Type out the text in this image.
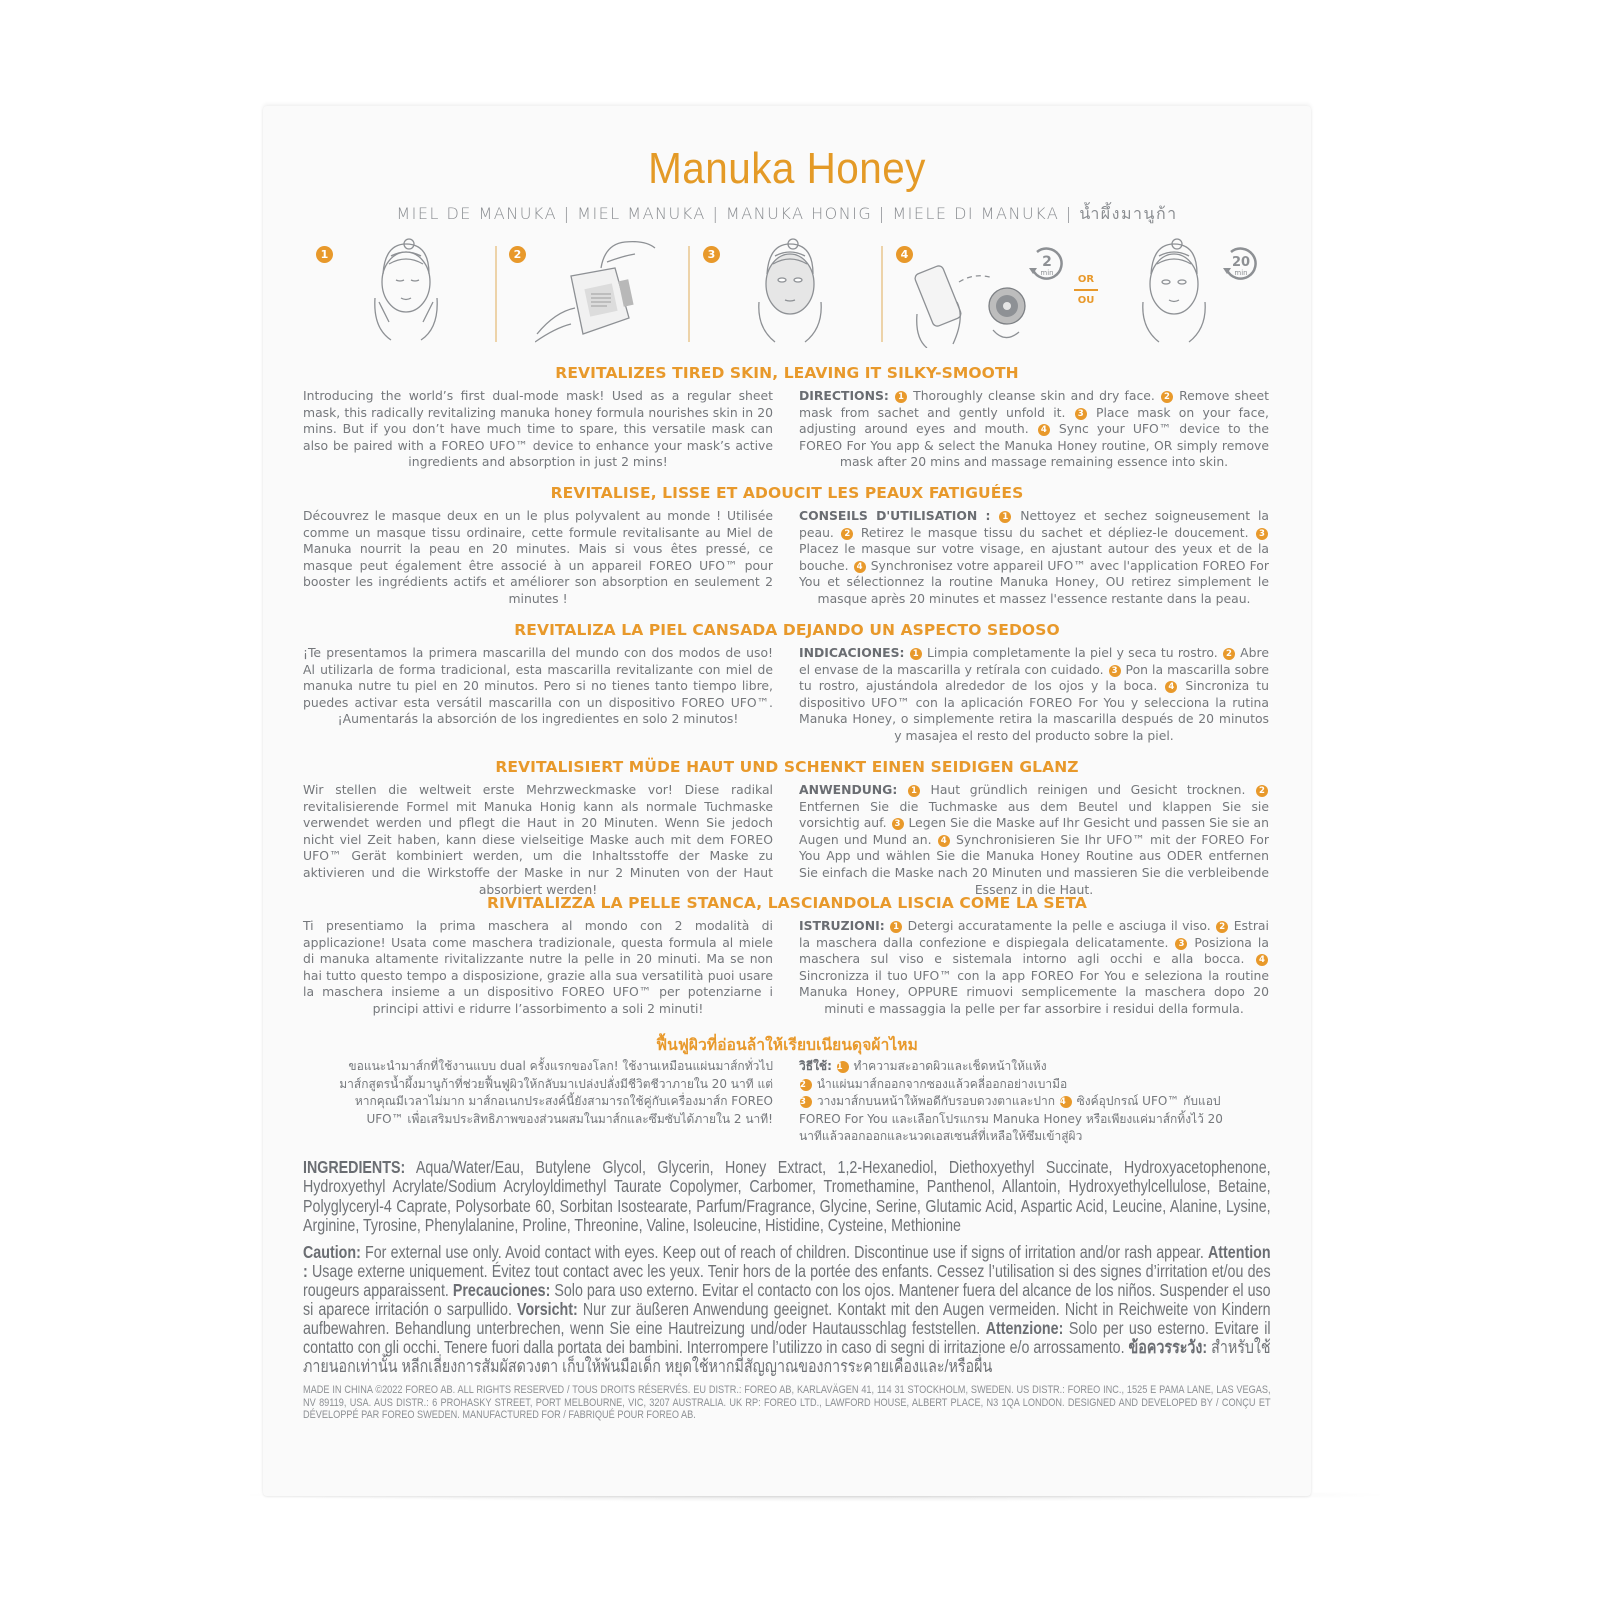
Manuka Honey
MIEL DE MANUKA | MIEL MANUKA | MANUKA HONIG | MIELE DI MANUKA | น้ำผึ้งมานูก้า
1	2	3	4	2
min
OR
OU
20
min
REVITALIZES TIRED SKIN, LEAVING IT SILKY-SMOOTH
Introducing the world’s first dual-mode mask! Used as a regular sheet mask, this radically revitalizing manuka honey formula nourishes skin in 20 mins. But if you don’t have much time to spare, this versatile mask can also be paired with a FOREO UFO™ device to enhance your mask’s active ingredients and absorption in just 2 mins!
DIRECTIONS: 1 Thoroughly cleanse skin and dry face. 2 Remove sheet mask from sachet and gently unfold it. 3 Place mask on your face, adjusting around eyes and mouth. 4 Sync your UFO™ device to the FOREO For You app & select the Manuka Honey routine, OR simply remove mask after 20 mins and massage remaining essence into skin.
REVITALISE, LISSE ET ADOUCIT LES PEAUX FATIGUÉES
Découvrez le masque deux en un le plus polyvalent au monde ! Utilisée comme un masque tissu ordinaire, cette formule revitalisante au Miel de Manuka nourrit la peau en 20 minutes. Mais si vous êtes pressé, ce masque peut également être associé à un appareil FOREO UFO™ pour booster les ingrédients actifs et améliorer son absorption en seulement 2 minutes !
CONSEILS D'UTILISATION : 1 Nettoyez et sechez soigneusement la peau. 2 Retirez le masque tissu du sachet et dépliez-le doucement. 3 Placez le masque sur votre visage, en ajustant autour des yeux et de la bouche. 4 Synchronisez votre appareil UFO™ avec l'application FOREO For You et sélectionnez la routine Manuka Honey, OU retirez simplement le masque après 20 minutes et massez l'essence restante dans la peau.
REVITALIZA LA PIEL CANSADA DEJANDO UN ASPECTO SEDOSO
¡Te presentamos la primera mascarilla del mundo con dos modos de uso! Al utilizarla de forma tradicional, esta mascarilla revitalizante con miel de manuka nutre tu piel en 20 minutos. Pero si no tienes tanto tiempo libre, puedes activar esta versátil mascarilla con un dispositivo FOREO UFO™. ¡Aumentarás la absorción de los ingredientes en solo 2 minutos!
INDICACIONES: 1 Limpia completamente la piel y seca tu rostro. 2 Abre el envase de la mascarilla y retírala con cuidado. 3 Pon la mascarilla sobre tu rostro, ajustándola alrededor de los ojos y la boca. 4 Sincroniza tu dispositivo UFO™ con la aplicación FOREO For You y selecciona la rutina Manuka Honey, o simplemente retira la mascarilla después de 20 minutos y masajea el resto del producto sobre la piel.
REVITALISIERT MÜDE HAUT UND SCHENKT EINEN SEIDIGEN GLANZ
Wir stellen die weltweit erste Mehrzweckmaske vor! Diese radikal revitalisierende Formel mit Manuka Honig kann als normale Tuchmaske verwendet werden und pflegt die Haut in 20 Minuten. Wenn Sie jedoch nicht viel Zeit haben, kann diese vielseitige Maske auch mit dem FOREO UFO™ Gerät kombiniert werden, um die Inhaltsstoffe der Maske zu aktivieren und die Wirkstoffe der Maske in nur 2 Minuten von der Haut absorbiert werden!
ANWENDUNG: 1 Haut gründlich reinigen und Gesicht trocknen. 2 Entfernen Sie die Tuchmaske aus dem Beutel und klappen Sie sie vorsichtig auf. 3 Legen Sie die Maske auf Ihr Gesicht und passen Sie sie an Augen und Mund an. 4 Synchronisieren Sie Ihr UFO™ mit der FOREO For You App und wählen Sie die Manuka Honey Routine aus ODER entfernen Sie einfach die Maske nach 20 Minuten und massieren Sie die verbleibende Essenz in die Haut.
RIVITALIZZA LA PELLE STANCA, LASCIANDOLA LISCIA COME LA SETA
Ti presentiamo la prima maschera al mondo con 2 modalità di applicazione! Usata come maschera tradizionale, questa formula al miele di manuka altamente rivitalizzante nutre la pelle in 20 minuti. Ma se non hai tutto questo tempo a disposizione, grazie alla sua versatilità puoi usare la maschera insieme a un dispositivo FOREO UFO™ per potenziarne i principi attivi e ridurre l’assorbimento a soli 2 minuti!
ISTRUZIONI: 1 Detergi accuratamente la pelle e asciuga il viso. 2 Estrai la maschera dalla confezione e dispiegala delicatamente. 3 Posiziona la maschera sul viso e sistemala intorno agli occhi e alla bocca. 4 Sincronizza il tuo UFO™ con la app FOREO For You e seleziona la routine Manuka Honey, OPPURE rimuovi semplicemente la maschera dopo 20 minuti e massaggia la pelle per far assorbire i residui della formula.
ฟื้นฟูผิวที่อ่อนล้าให้เรียบเนียนดุจผ้าไหม
ขอแนะนำมาส์กที่ใช้งานแบบ dual ครั้งแรกของโลก! ใช้งานเหมือนแผ่นมาส์กทั่วไป มาส์กสูตรน้ำผึ้งมานูก้าที่ช่วยฟื้นฟูผิวให้กลับมาเปล่งปลั่งมีชีวิตชีวาภายใน 20 นาที แต่หากคุณมีเวลาไม่มาก มาส์กอเนกประสงค์นี้ยังสามารถใช้คู่กับเครื่องมาส์ก FOREO UFO™ เพื่อเสริมประสิทธิภาพของส่วนผสมในมาส์กและซึมซับได้ภายใน 2 นาที!
วิธีใช้: 1 ทำความสะอาดผิวและเช็ดหน้าให้แห้ง
2 นำแผ่นมาส์กออกจากซองแล้วคลี่ออกอย่างเบามือ
3 วางมาส์กบนหน้าให้พอดีกับรอบดวงตาและปาก 4 ซิงค์อุปกรณ์ UFO™ กับแอป FOREO For You และเลือกโปรแกรม Manuka Honey หรือเพียงแค่มาส์กทิ้งไว้ 20 นาทีแล้วลอกออกและนวดเอสเซนส์ที่เหลือให้ซึมเข้าสู่ผิว
INGREDIENTS: Aqua/Water/Eau, Butylene Glycol, Glycerin, Honey Extract, 1,2-Hexanediol, Diethoxyethyl Succinate, Hydroxyacetophenone, Hydroxyethyl Acrylate/Sodium Acryloyldimethyl Taurate Copolymer, Carbomer, Tromethamine, Panthenol, Allantoin, Hydroxyethylcellulose, Betaine, Polyglyceryl-4 Caprate, Polysorbate 60, Sorbitan Isostearate, Parfum/Fragrance, Glycine, Serine, Glutamic Acid, Aspartic Acid, Leucine, Alanine, Lysine, Arginine, Tyrosine, Phenylalanine, Proline, Threonine, Valine, Isoleucine, Histidine, Cysteine, Methionine
Caution: For external use only. Avoid contact with eyes. Keep out of reach of children. Discontinue use if signs of irritation and/or rash appear. Attention : Usage externe uniquement. Évitez tout contact avec les yeux. Tenir hors de la portée des enfants. Cessez l’utilisation si des signes d’irritation et/ou des rougeurs apparaissent. Precauciones: Solo para uso externo. Evitar el contacto con los ojos. Mantener fuera del alcance de los niños. Suspender el uso si aparece irritación o sarpullido. Vorsicht: Nur zur äußeren Anwendung geeignet. Kontakt mit den Augen vermeiden. Nicht in Reichweite von Kindern aufbewahren. Behandlung unterbrechen, wenn Sie eine Hautreizung und/oder Hautausschlag feststellen. Attenzione: Solo per uso esterno. Evitare il contatto con gli occhi. Tenere fuori dalla portata dei bambini. Interrompere l’utilizzo in caso di segni di irritazione e/o arrossamento. ข้อควรระวัง: สำหรับใช้ภายนอกเท่านั้น หลีกเลี่ยงการสัมผัสดวงตา เก็บให้พ้นมือเด็ก หยุดใช้หากมีสัญญาณของการระคายเคืองและ/หรือผื่น
MADE IN CHINA ©2022 FOREO AB. ALL RIGHTS RESERVED / TOUS DROITS RÉSERVÉS. EU DISTR.: FOREO AB, KARLAVÄGEN 41, 114 31 STOCKHOLM, SWEDEN. US DISTR.: FOREO INC., 1525 E PAMA LANE, LAS VEGAS, NV 89119, USA. AUS DISTR.: 6 PROHASKY STREET, PORT MELBOURNE, VIC, 3207 AUSTRALIA. UK RP: FOREO LTD., LAWFORD HOUSE, ALBERT PLACE, N3 1QA LONDON. DESIGNED AND DEVELOPED BY / CONÇU ET DÉVELOPPÉ PAR FOREO SWEDEN. MANUFACTURED FOR / FABRIQUÉ POUR FOREO AB.
